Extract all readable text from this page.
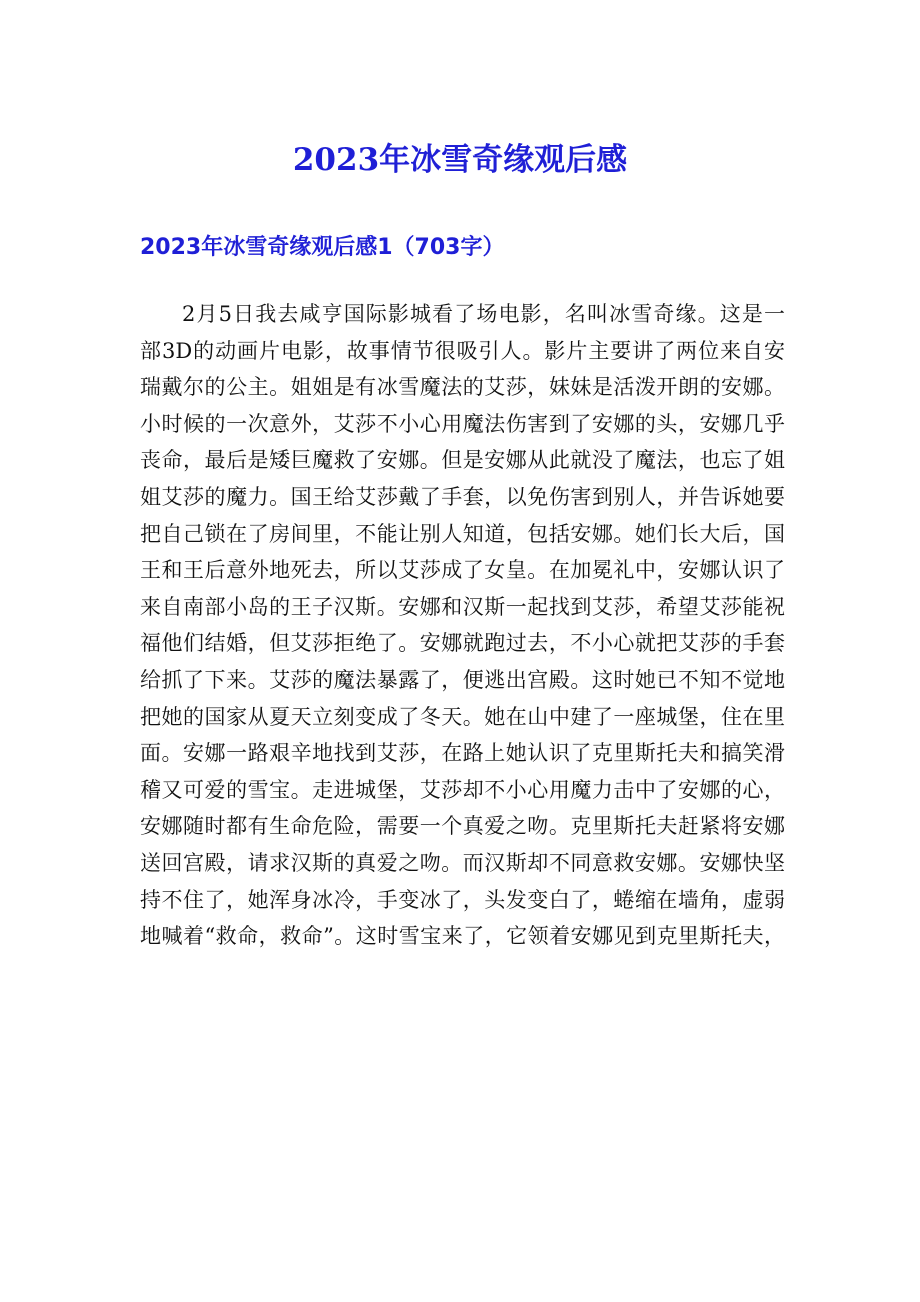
2023年冰雪奇缘观后感
2023年冰雪奇缘观后感1（703字）
2月5日我去咸亨国际影城看了场电影，名叫冰雪奇缘。这是一
部3D的动画片电影，故事情节很吸引人。影片主要讲了两位来自安
瑞戴尔的公主。姐姐是有冰雪魔法的艾莎，妹妹是活泼开朗的安娜。
小时候的一次意外，艾莎不小心用魔法伤害到了安娜的头，安娜几乎
丧命，最后是矮巨魔救了安娜。但是安娜从此就没了魔法，也忘了姐
姐艾莎的魔力。国王给艾莎戴了手套，以免伤害到别人，并告诉她要
把自己锁在了房间里，不能让别人知道，包括安娜。她们长大后，国
王和王后意外地死去，所以艾莎成了女皇。在加冕礼中，安娜认识了
来自南部小岛的王子汉斯。安娜和汉斯一起找到艾莎，希望艾莎能祝
福他们结婚，但艾莎拒绝了。安娜就跑过去，不小心就把艾莎的手套
给抓了下来。艾莎的魔法暴露了，便逃出宫殿。这时她已不知不觉地
把她的国家从夏天立刻变成了冬天。她在山中建了一座城堡，住在里
面。安娜一路艰辛地找到艾莎，在路上她认识了克里斯托夫和搞笑滑
稽又可爱的雪宝。走进城堡，艾莎却不小心用魔力击中了安娜的心，
安娜随时都有生命危险，需要一个真爱之吻。克里斯托夫赶紧将安娜
送回宫殿，请求汉斯的真爱之吻。而汉斯却不同意救安娜。安娜快坚
持不住了，她浑身冰冷，手变冰了，头发变白了，蜷缩在墙角，虚弱
地喊着“救命，救命”。这时雪宝来了，它领着安娜见到克里斯托夫，
